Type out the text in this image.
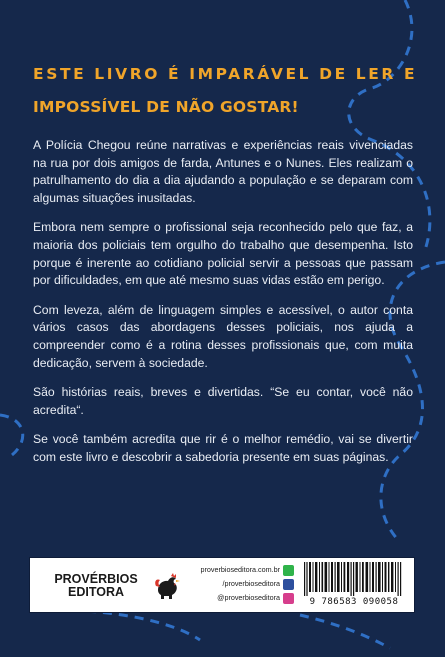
ESTE LIVRO É IMPARÁVEL DE LER E
IMPOSSÍVEL DE NÃO GOSTAR!

A Polícia Chegou reúne narrativas e experiências reais vivenciadas na rua por dois amigos de farda, Antunes e o Nunes. Eles realizam o patrulhamento do dia a dia ajudando a população e se deparam com algumas situações inusitadas.

Embora nem sempre o profissional seja reconhecido pelo que faz, a maioria dos policiais tem orgulho do trabalho que desempenha. Isto porque é inerente ao cotidiano policial servir a pessoas que passam por dificuldades, em que até mesmo suas vidas estão em perigo.

Com leveza, além de linguagem simples e acessível, o autor conta vários casos das abordagens desses policiais, nos ajuda a compreender como é a rotina desses profissionais que, com muita dedicação, servem à sociedade.

São histórias reais, breves e divertidas. “Se eu contar, você não acredita“.

Se você também acredita que rir é o melhor remédio, vai se divertir com este livro e descobrir a sabedoria presente em suas páginas.

PROVÉRBIOS
EDITORA
proverbioseditora.com.br
/proverbioseditora
@proverbioseditora	9 786583 090058
